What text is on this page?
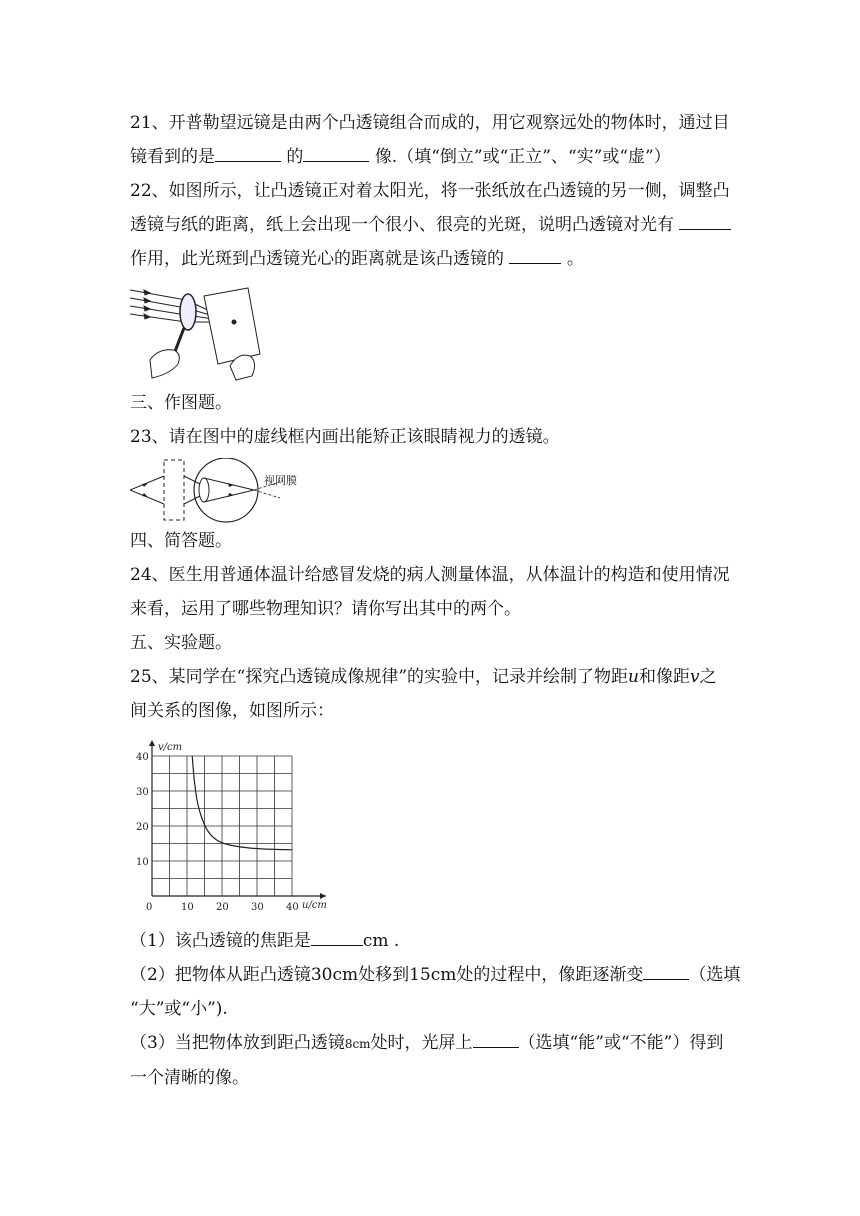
21、开普勒望远镜是由两个凸透镜组合而成的，用它观察远处的物体时，通过目
镜看到的是	的	像.（填“倒立”或“正立”、“实”或“虚”）
22、如图所示，让凸透镜正对着太阳光，将一张纸放在凸透镜的另一侧，调整凸
透镜与纸的距离，纸上会出现一个很小、很亮的光斑，说明凸透镜对光有
作用，此光斑到凸透镜光心的距离就是该凸透镜的	。
三、作图题。
23、请在图中的虚线框内画出能矫正该眼睛视力的透镜。
视网膜
四、简答题。
24、医生用普通体温计给感冒发烧的病人测量体温，从体温计的构造和使用情况
来看，运用了哪些物理知识？请你写出其中的两个。
五、实验题。
25、某同学在“探究凸透镜成像规律”的实验中，记录并绘制了物距u和像距v之
间关系的图像，如图所示：
0	10 20 30 40
10
20
30
40
v/cm
u/cm
（1）该凸透镜的焦距是	cm .
（2）把物体从距凸透镜30cm处移到15cm处的过程中，像距逐渐变	（选填
“大”或“小”).
（3）当把物体放到距凸透镜8cm处时，光屏上	（选填“能”或“不能”）得到
一个清晰的像。
